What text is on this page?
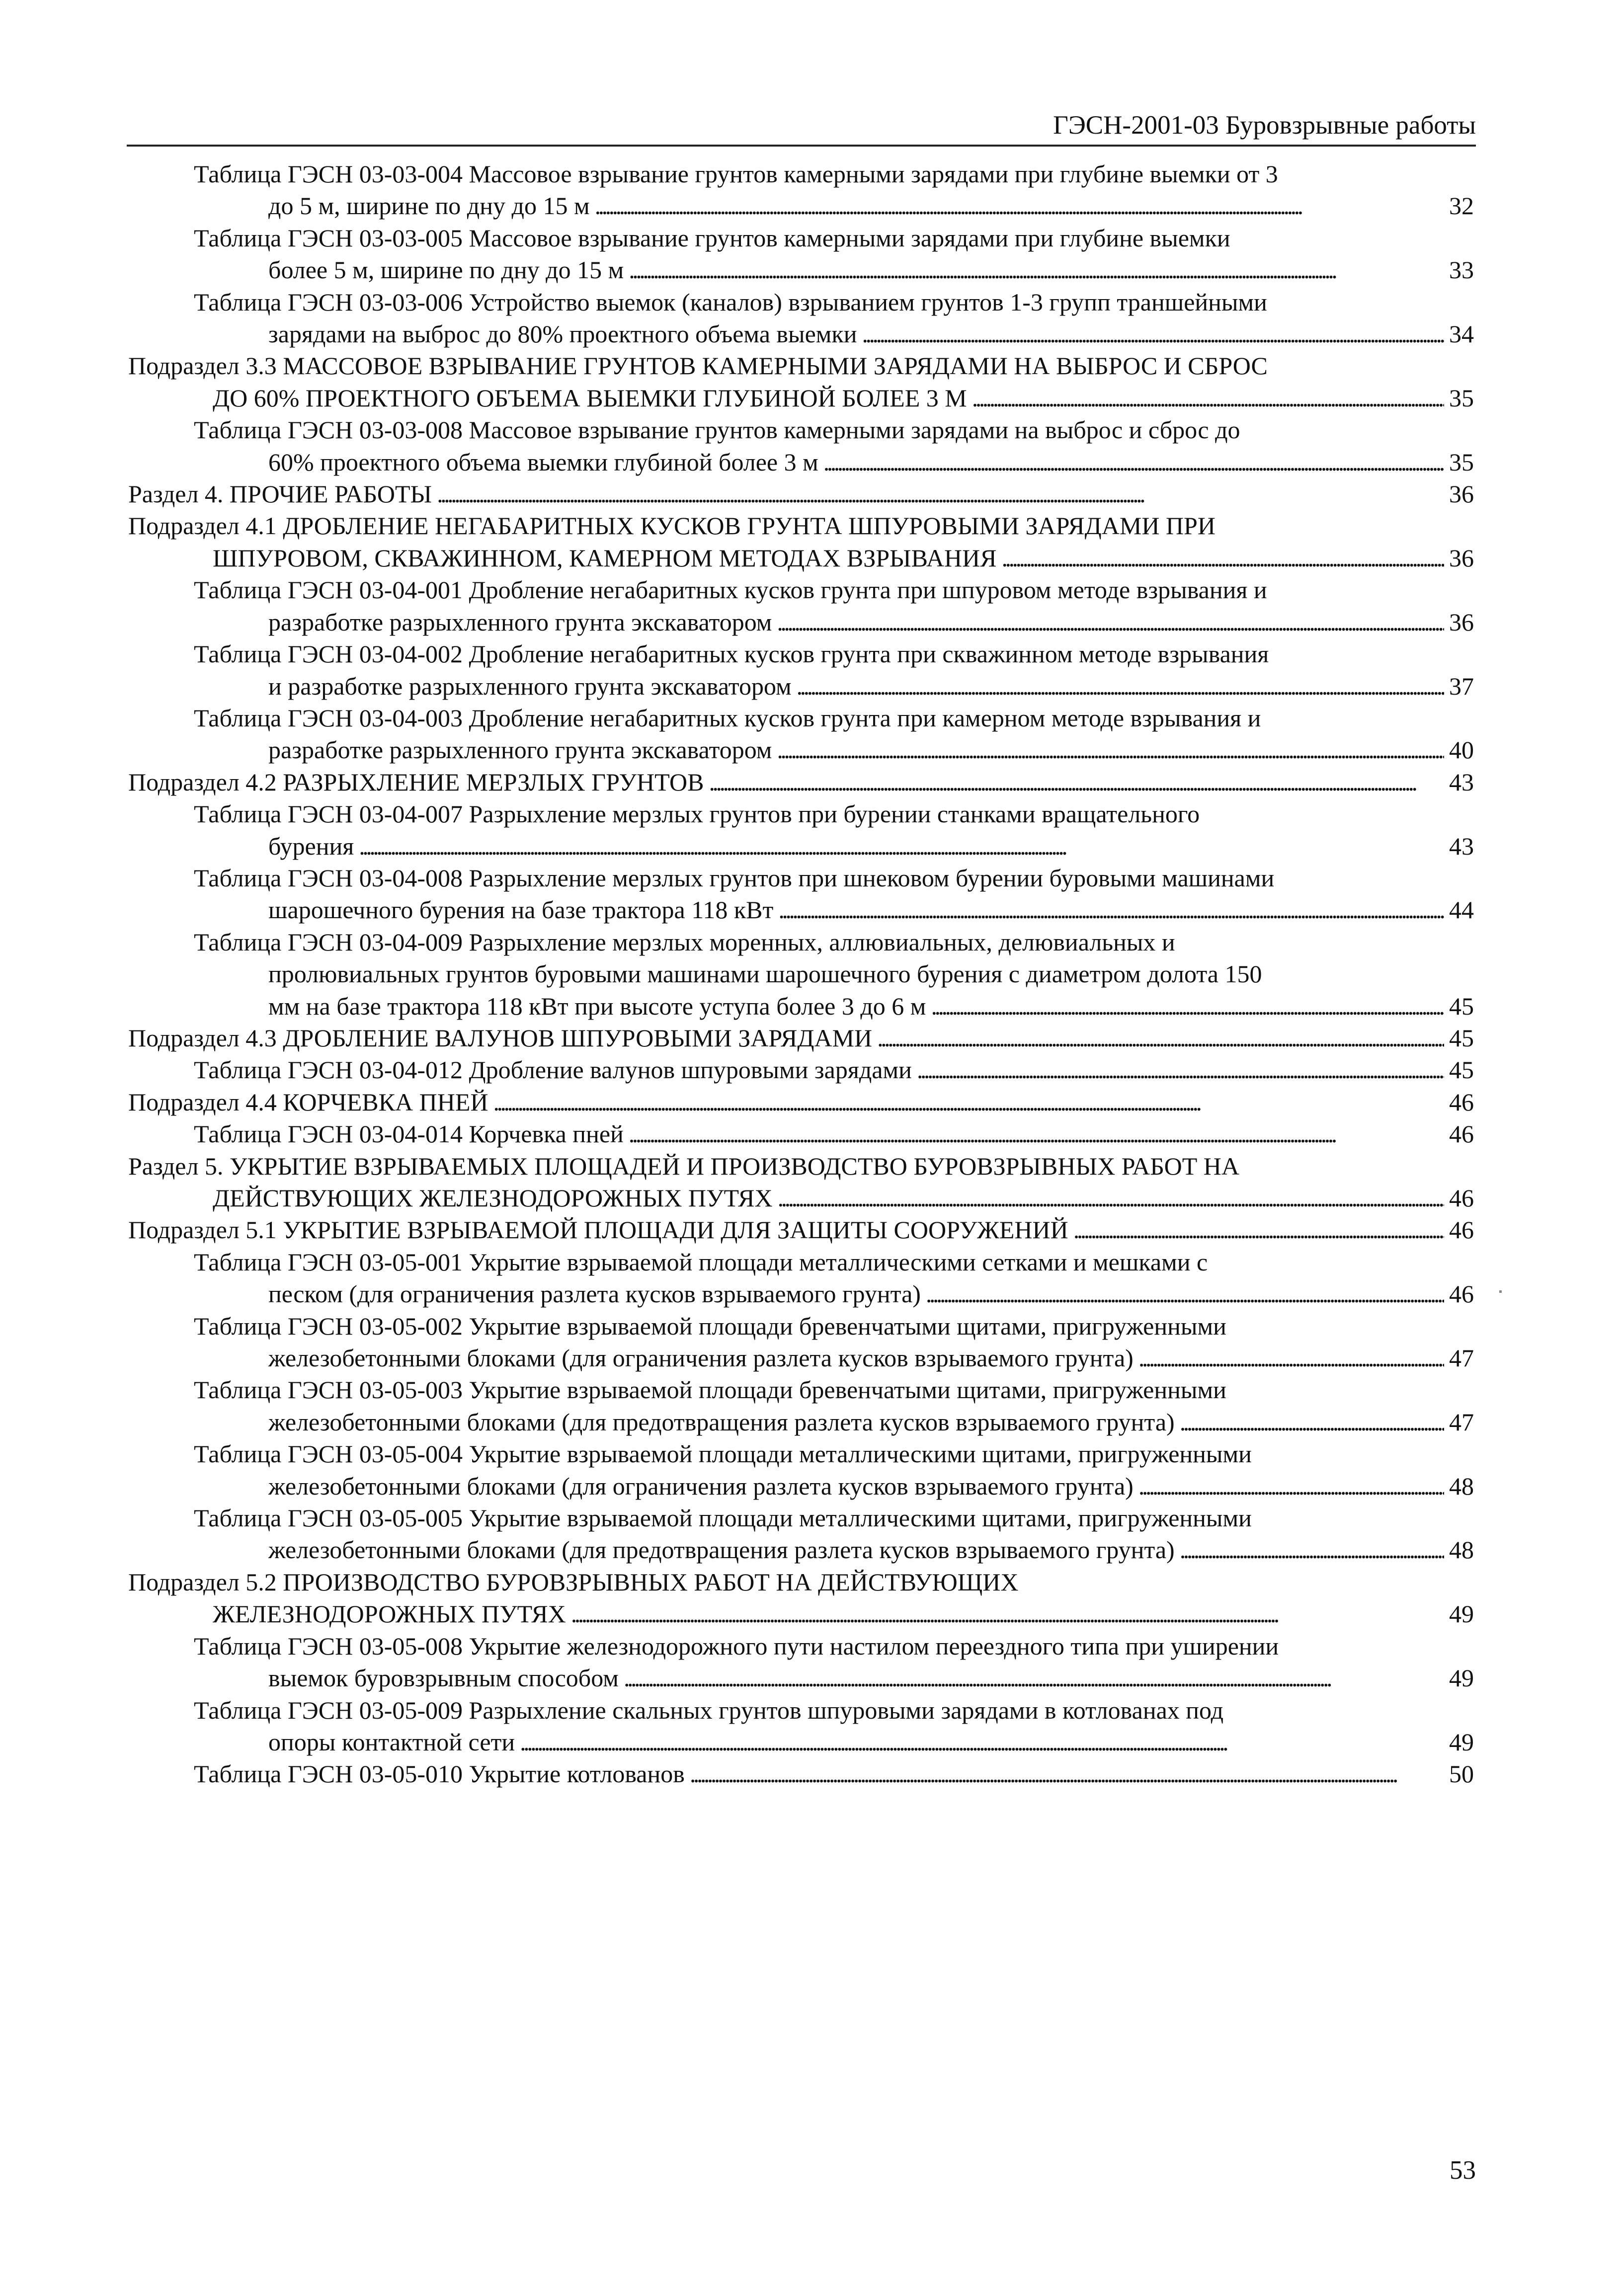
ГЭСН-2001-03 Буровзрывные работы
Таблица ГЭСН 03-03-004 Массовое взрывание грунтов камерными зарядами при глубине выемки от 3
до 5 м, ширине по дну до 15 м . . .	32
Таблица ГЭСН 03-03-005 Массовое взрывание грунтов камерными зарядами при глубине выемки
более 5 м, ширине по дну до 15 м . . .	33
Таблица ГЭСН 03-03-006 Устройство выемок (каналов) взрыванием грунтов 1-3 групп траншейными
зарядами на выброс до 80% проектного объема выемки . . .	34
Подраздел 3.3 МАССОВОЕ ВЗРЫВАНИЕ ГРУНТОВ КАМЕРНЫМИ ЗАРЯДАМИ НА ВЫБРОС И СБРОС
ДО 60% ПРОЕКТНОГО ОБЪЕМА ВЫЕМКИ ГЛУБИНОЙ БОЛЕЕ 3 М . . .	35
Таблица ГЭСН 03-03-008 Массовое взрывание грунтов камерными зарядами на выброс и сброс до
60% проектного объема выемки глубиной более 3 м . . .	35
Раздел 4. ПРОЧИЕ РАБОТЫ . . .	36
Подраздел 4.1 ДРОБЛЕНИЕ НЕГАБАРИТНЫХ КУСКОВ ГРУНТА ШПУРОВЫМИ ЗАРЯДАМИ ПРИ
ШПУРОВОМ, СКВАЖИННОМ, КАМЕРНОМ МЕТОДАХ ВЗРЫВАНИЯ . . .	36
Таблица ГЭСН 03-04-001 Дробление негабаритных кусков грунта при шпуровом методе взрывания и
разработке разрыхленного грунта экскаватором . . .	36
Таблица ГЭСН 03-04-002 Дробление негабаритных кусков грунта при скважинном методе взрывания
и разработке разрыхленного грунта экскаватором . . .	37
Таблица ГЭСН 03-04-003 Дробление негабаритных кусков грунта при камерном методе взрывания и
разработке разрыхленного грунта экскаватором . . .	40
Подраздел 4.2 РАЗРЫХЛЕНИЕ МЕРЗЛЫХ ГРУНТОВ . . .	43
Таблица ГЭСН 03-04-007 Разрыхление мерзлых грунтов при бурении станками вращательного
бурения . . .	43
Таблица ГЭСН 03-04-008 Разрыхление мерзлых грунтов при шнековом бурении буровыми машинами
шарошечного бурения на базе трактора 118 кВт . . .	44
Таблица ГЭСН 03-04-009 Разрыхление мерзлых моренных, аллювиальных, делювиальных и
пролювиальных грунтов буровыми машинами шарошечного бурения с диаметром долота 150
мм на базе трактора 118 кВт при высоте уступа более 3 до 6 м . . .	45
Подраздел 4.3 ДРОБЛЕНИЕ ВАЛУНОВ ШПУРОВЫМИ ЗАРЯДАМИ . . .	45
Таблица ГЭСН 03-04-012 Дробление валунов шпуровыми зарядами . . .	45
Подраздел 4.4 КОРЧЕВКА ПНЕЙ . . .	46
Таблица ГЭСН 03-04-014 Корчевка пней . . .	46
Раздел 5. УКРЫТИЕ ВЗРЫВАЕМЫХ ПЛОЩАДЕЙ И ПРОИЗВОДСТВО БУРОВЗРЫВНЫХ РАБОТ НА
ДЕЙСТВУЮЩИХ ЖЕЛЕЗНОДОРОЖНЫХ ПУТЯХ . . .	46
Подраздел 5.1 УКРЫТИЕ ВЗРЫВАЕМОЙ ПЛОЩАДИ ДЛЯ ЗАЩИТЫ СООРУЖЕНИЙ . . .	46
Таблица ГЭСН 03-05-001 Укрытие взрываемой площади металлическими сетками и мешками с
песком (для ограничения разлета кусков взрываемого грунта) . . .	46
Таблица ГЭСН 03-05-002 Укрытие взрываемой площади бревенчатыми щитами, пригруженными
железобетонными блоками (для ограничения разлета кусков взрываемого грунта) . . .	47
Таблица ГЭСН 03-05-003 Укрытие взрываемой площади бревенчатыми щитами, пригруженными
железобетонными блоками (для предотвращения разлета кусков взрываемого грунта) . . .	47
Таблица ГЭСН 03-05-004 Укрытие взрываемой площади металлическими щитами, пригруженными
железобетонными блоками (для ограничения разлета кусков взрываемого грунта) . . .	48
Таблица ГЭСН 03-05-005 Укрытие взрываемой площади металлическими щитами, пригруженными
железобетонными блоками (для предотвращения разлета кусков взрываемого грунта) . . .	48
Подраздел 5.2 ПРОИЗВОДСТВО БУРОВЗРЫВНЫХ РАБОТ НА ДЕЙСТВУЮЩИХ
ЖЕЛЕЗНОДОРОЖНЫХ ПУТЯХ . . .	49
Таблица ГЭСН 03-05-008 Укрытие железнодорожного пути настилом переездного типа при уширении
выемок буровзрывным способом . . .	49
Таблица ГЭСН 03-05-009 Разрыхление скальных грунтов шпуровыми зарядами в котлованах под
опоры контактной сети . . .	49
Таблица ГЭСН 03-05-010 Укрытие котлованов . . .	50
53
